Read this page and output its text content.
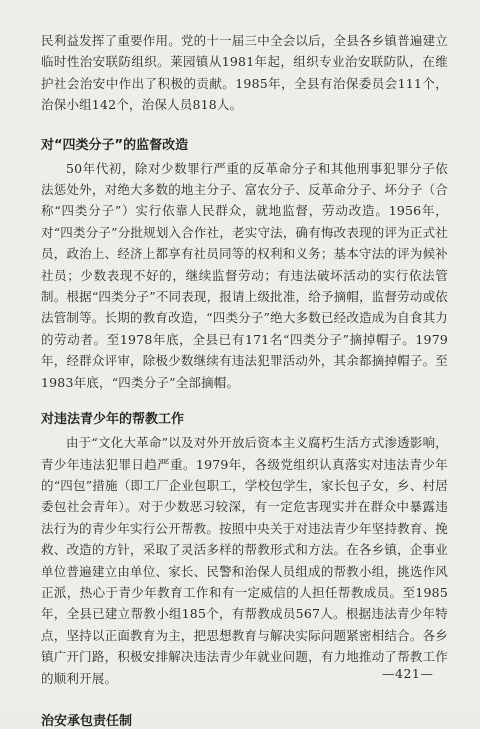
民利益发挥了重要作用。党的十一届三中全会以后，全县各乡镇普遍建立临时性治安联防组织。莱园镇从1981年起，组织专业治安联防队，在维护社会治安中作出了积极的贡献。1985年，全县有治保委员会111个，治保小组142个，治保人员818人。

对“四类分子”的监督改造

50年代初，除对少数罪行严重的反革命分子和其他刑事犯罪分子依法惩处外，对绝大多数的地主分子、富农分子、反革命分子、坏分子（合称“四类分子”）实行依靠人民群众，就地监督，劳动改造。1956年，对“四类分子”分批规划入合作社，老实守法，确有悔改表现的评为正式社员，政治上、经济上都享有社员同等的权利和义务；基本守法的评为候补社员；少数表现不好的，继续监督劳动；有违法破坏活动的实行依法管制。根据“四类分子”不同表现，报请上级批准，给予摘帽，监督劳动或依法管制等。长期的教育改造，“四类分子”绝大多数已经改造成为自食其力的劳动者。至1978年底，全县已有171名“四类分子”摘掉帽子。1979年，经群众评审，除极少数继续有违法犯罪活动外，其余都摘掉帽子。至1983年底，“四类分子”全部摘帽。

对违法青少年的帮教工作

由于“文化大革命”以及对外开放后资本主义腐朽生活方式渗透影响，青少年违法犯罪日趋严重。1979年，各级党组织认真落实对违法青少年的“四包”措施（即工厂企业包职工，学校包学生，家长包子女，乡、村居委包社会青年）。对于少数恶习较深，有一定危害现实并在群众中暴露违法行为的青少年实行公开帮教。按照中央关于对违法青少年坚持教育、挽救、改造的方针，采取了灵活多样的帮教形式和方法。在各乡镇，企事业单位普遍建立由单位、家长、民警和治保人员组成的帮教小组，挑选作风正派，热心于青少年教育工作和有一定威信的人担任帮教成员。至1985年，全县已建立帮教小组185个，有帮教成员567人。根据违法青少年特点，坚持以正面教育为主，把思想教育与解决实际问题紧密相结合。各乡镇广开门路，积极安排解决违法青少年就业问题，有力地推动了帮教工作的顺利开展。

治安承包责任制
—421—
